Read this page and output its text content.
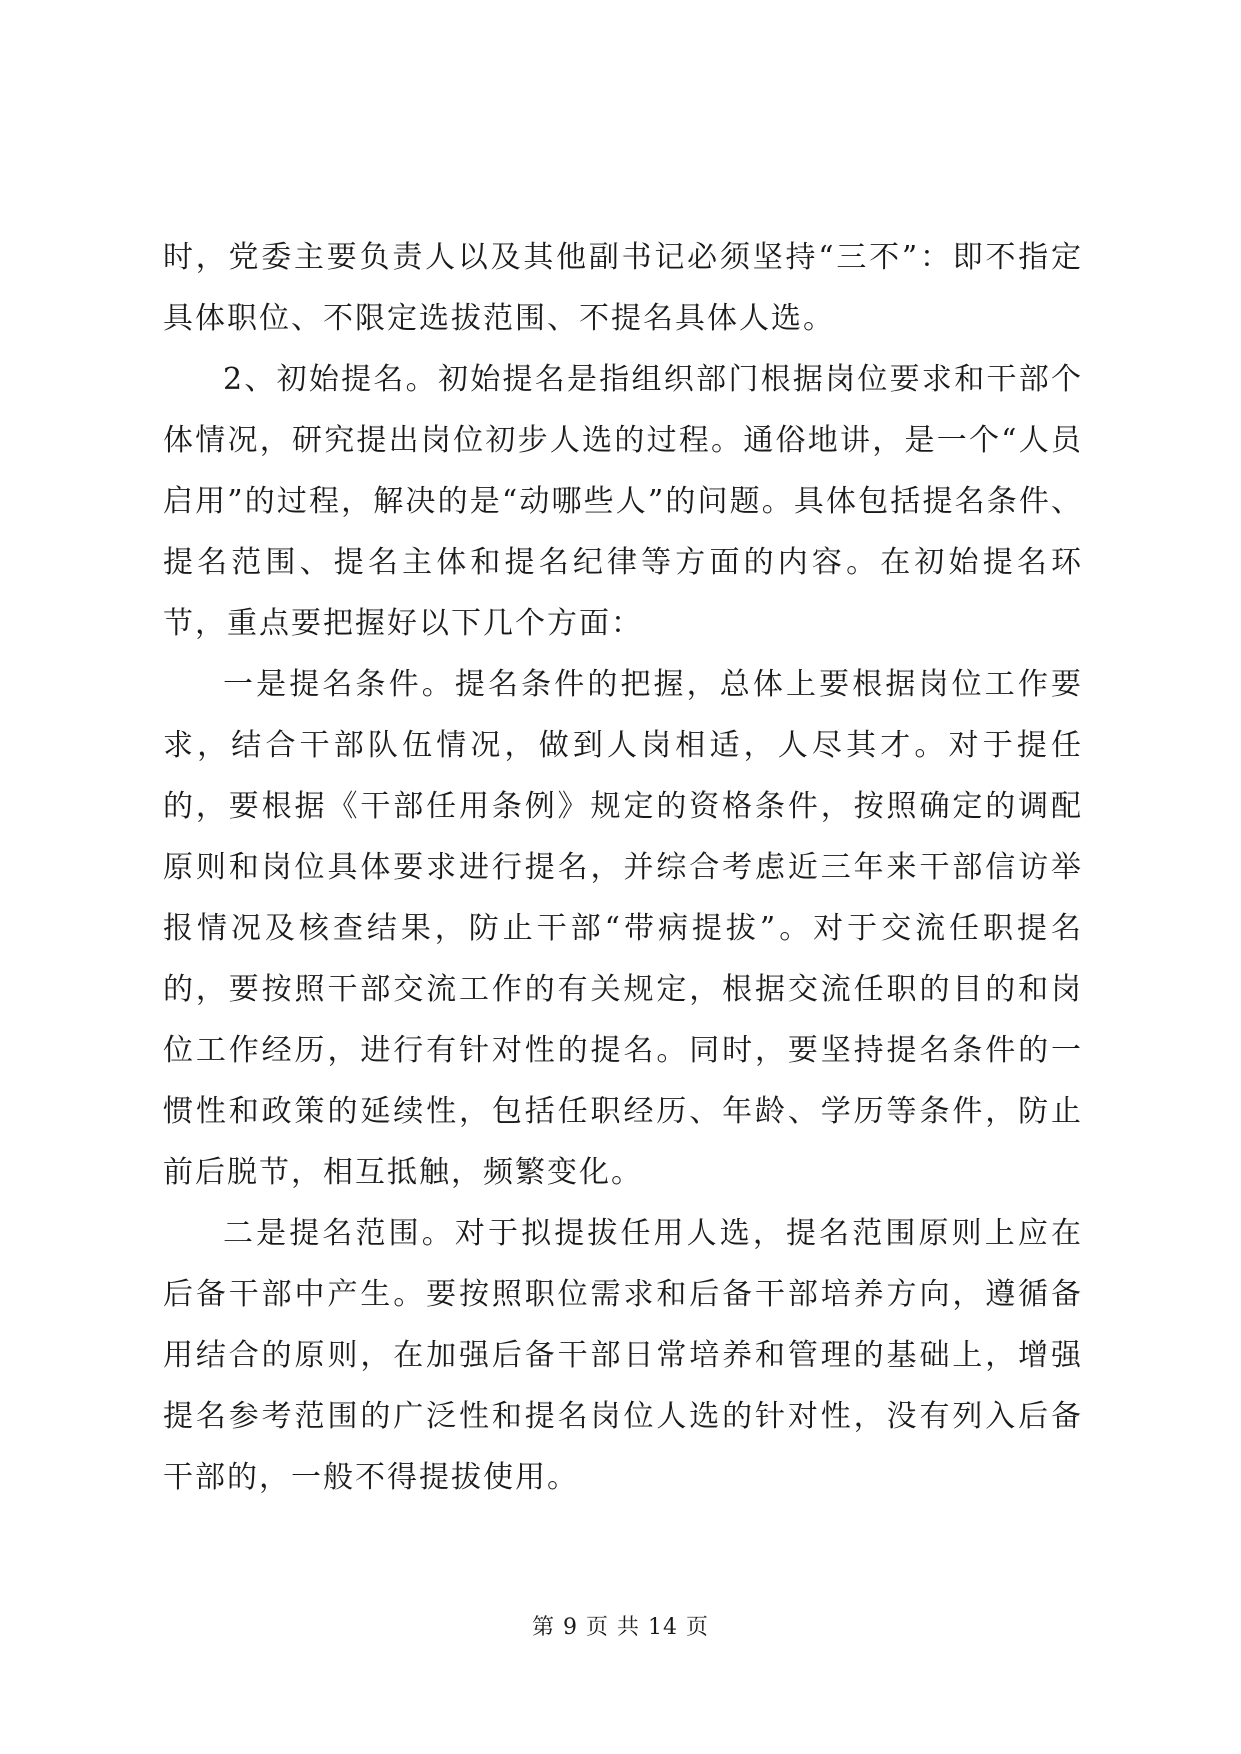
时，党委主要负责人以及其他副书记必须坚持“三不”：即不指定具体职位、不限定选拔范围、不提名具体人选。

2、初始提名。初始提名是指组织部门根据岗位要求和干部个体情况，研究提出岗位初步人选的过程。通俗地讲，是一个“人员启用”的过程，解决的是“动哪些人”的问题。具体包括提名条件、提名范围、提名主体和提名纪律等方面的内容。在初始提名环节，重点要把握好以下几个方面：

一是提名条件。提名条件的把握，总体上要根据岗位工作要求，结合干部队伍情况，做到人岗相适，人尽其才。对于提任的，要根据《干部任用条例》规定的资格条件，按照确定的调配原则和岗位具体要求进行提名，并综合考虑近三年来干部信访举报情况及核查结果，防止干部“带病提拔”。对于交流任职提名的，要按照干部交流工作的有关规定，根据交流任职的目的和岗位工作经历，进行有针对性的提名。同时，要坚持提名条件的一惯性和政策的延续性，包括任职经历、年龄、学历等条件，防止前后脱节，相互抵触，频繁变化。

二是提名范围。对于拟提拔任用人选，提名范围原则上应在后备干部中产生。要按照职位需求和后备干部培养方向，遵循备用结合的原则，在加强后备干部日常培养和管理的基础上，增强提名参考范围的广泛性和提名岗位人选的针对性，没有列入后备干部的，一般不得提拔使用。

第 9 页 共 14 页
